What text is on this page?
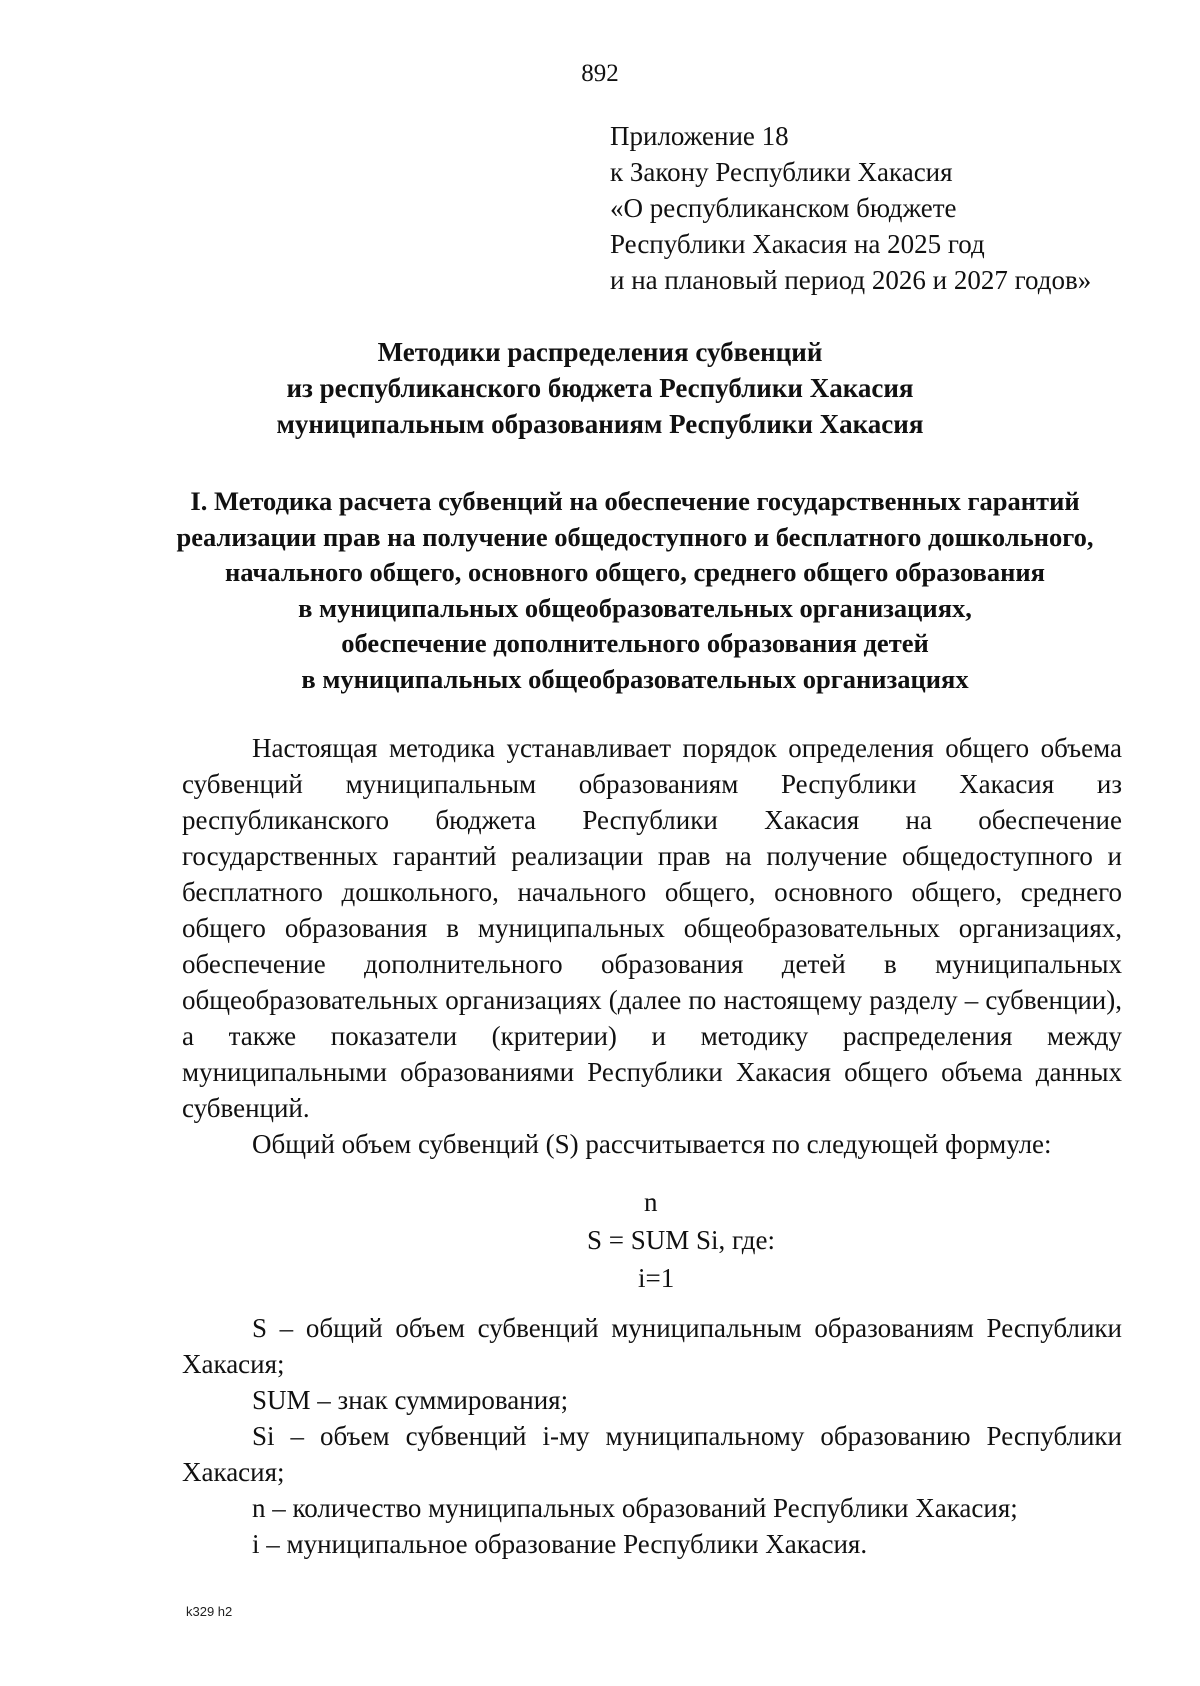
892
Приложение 18
к Закону Республики Хакасия
«О республиканском бюджете
Республики Хакасия на 2025 год
и на плановый период 2026 и 2027 годов»
Методики распределения субвенций
из республиканского бюджета Республики Хакасия
муниципальным образованиям Республики Хакасия
I. Методика расчета субвенций на обеспечение государственных гарантий
реализации прав на получение общедоступного и бесплатного дошкольного,
начального общего, основного общего, среднего общего образования
в муниципальных общеобразовательных организациях,
обеспечение дополнительного образования детей
в муниципальных общеобразовательных организациях

Настоящая методика устанавливает порядок определения общего объема субвенций муниципальным образованиям Республики Хакасия из республиканского бюджета Республики Хакасия на обеспечение государственных гарантий реализации прав на получение общедоступного и бесплатного дошкольного, начального общего, основного общего, среднего общего образования в муниципальных общеобразовательных организациях, обеспечение дополнительного образования детей в муниципальных общеобразовательных организациях (далее по настоящему разделу – субвенции), а также показатели (критерии) и методику распределения между муниципальными образованиями Республики Хакасия общего объема данных субвенций.

Общий объем субвенций (S) рассчитывается по следующей формуле:

n
S = SUM Si, где:
i=1

S – общий объем субвенций муниципальным образованиям Республики Хакасия;

SUM – знак суммирования;

Si – объем субвенций i-му муниципальному образованию Республики Хакасия;

n – количество муниципальных образований Республики Хакасия;

i – муниципальное образование Республики Хакасия.

k329 h2
